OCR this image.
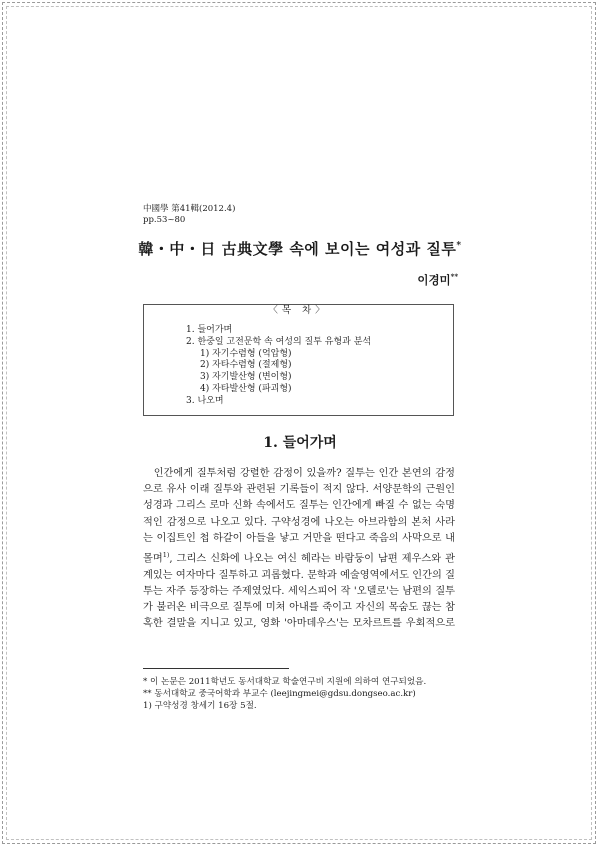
中國學 第41輯(2012.4)
pp.53~80
韓・中・日 古典文學 속에 보이는 여성과 질투*
이경미**
〈목 차〉
1. 들어가며
2. 한중일 고전문학 속 여성의 질투 유형과 분석
1) 자기수렴형 (억압형)
2) 자타수렴형 (절제형)
3) 자기발산형 (변이형)
4) 자타발산형 (파괴형)
3. 나오며
1. 들어가며

　인간에게 질투처럼 강렬한 감정이 있을까? 질투는 인간 본연의 감정
으로 유사 이래 질투와 관련된 기록들이 적지 않다. 서양문학의 근원인
성경과 그리스 로마 신화 속에서도 질투는 인간에게 빠질 수 없는 숙명
적인 감정으로 나오고 있다. 구약성경에 나오는 아브라함의 본처 사라
는 이집트인 첩 하갈이 아들을 낳고 거만을 떤다고 죽음의 사막으로 내
몰며$^{1)}$, 그리스 신화에 나오는 여신 헤라는 바람둥이 남편 제우스와 관
계있는 여자마다 질투하고 괴롭혔다. 문학과 예술영역에서도 인간의 질
투는 자주 등장하는 주제였었다. 세익스피어 작 '오델로'는 남편의 질투
가 불러온 비극으로 질투에 미쳐 아내를 죽이고 자신의 목숨도 끊는 참
혹한 결말을 지니고 있고, 영화 '아마데우스'는 모차르트를 우회적으로

* 이 논문은 2011학년도 동서대학교 학술연구비 지원에 의하여 연구되었음.
** 동서대학교 중국어학과 부교수 (leejingmei@gdsu.dongseo.ac.kr)
1) 구약성경 창세기 16장 5절.
